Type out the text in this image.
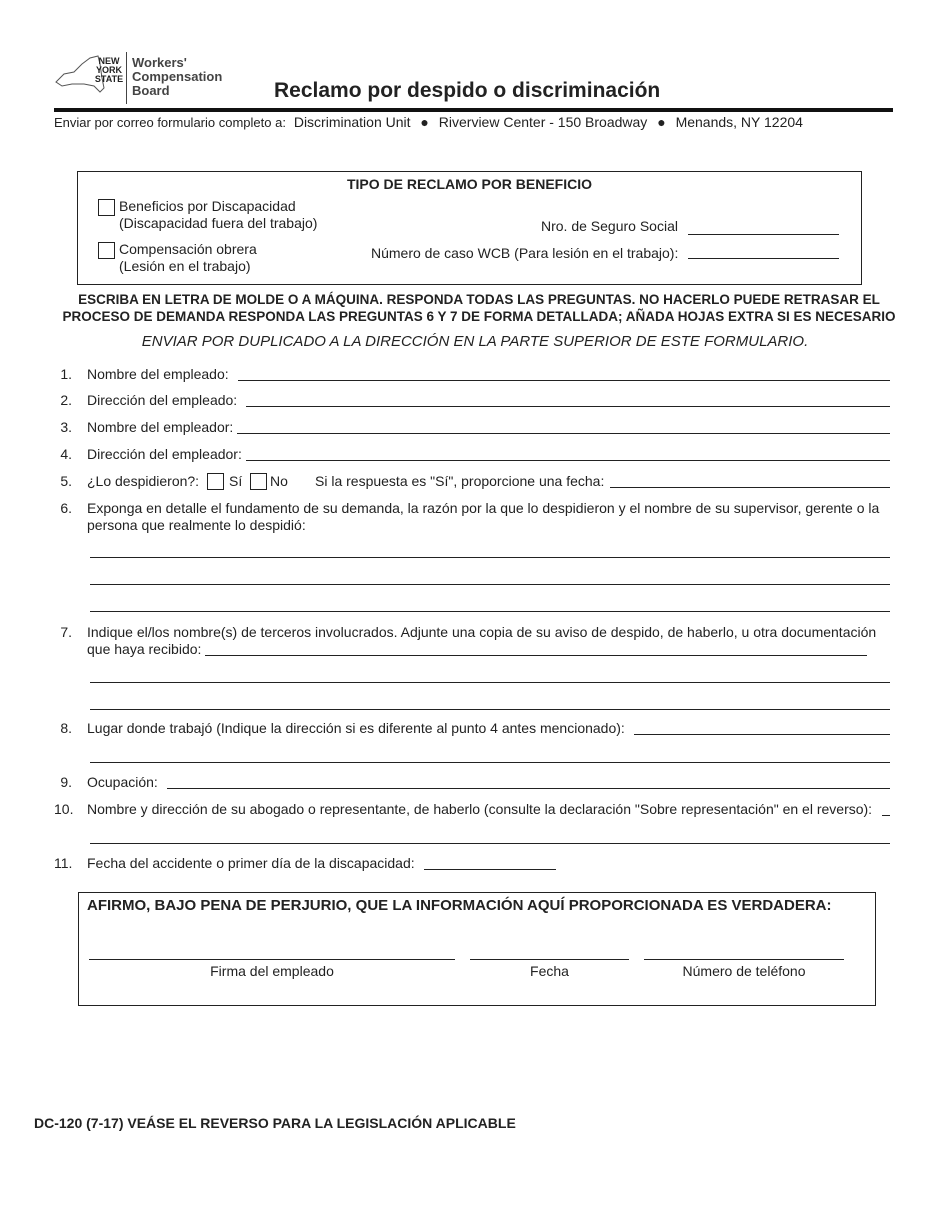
NEW
YORK
STATE
Workers'
Compensation
Board	Reclamo por despido o discriminación
Enviar por correo formulario completo a: Discrimination Unit ● Riverview Center - 150 Broadway ● Menands, NY 12204
TIPO DE RECLAMO POR BENEFICIO
Beneficios por Discapacidad
(Discapacidad fuera del trabajo)
Compensación obrera
(Lesión en el trabajo)
Nro. de Seguro Social
Número de caso WCB (Para lesión en el trabajo):
ESCRIBA EN LETRA DE MOLDE O A MÁQUINA. RESPONDA TODAS LAS PREGUNTAS. NO HACERLO PUEDE RETRASAR EL
PROCESO DE DEMANDA RESPONDA LAS PREGUNTAS 6 Y 7 DE FORMA DETALLADA; AÑADA HOJAS EXTRA SI ES NECESARIO
ENVIAR POR DUPLICADO A LA DIRECCIÓN EN LA PARTE SUPERIOR DE ESTE FORMULARIO.
1. Nombre del empleado:
2. Dirección del empleado:
3. Nombre del empleador:
4. Dirección del empleador:
5. ¿Lo despidieron?: Sí No Si la respuesta es "Sí", proporcione una fecha:
6. Exponga en detalle el fundamento de su demanda, la razón por la que lo despidieron y el nombre de su supervisor, gerente o la
persona que realmente lo despidió:
7. Indique el/los nombre(s) de terceros involucrados. Adjunte una copia de su aviso de despido, de haberlo, u otra documentación
que haya recibido:
8. Lugar donde trabajó (Indique la dirección si es diferente al punto 4 antes mencionado):
9. Ocupación:
10. Nombre y dirección de su abogado o representante, de haberlo (consulte la declaración "Sobre representación" en el reverso):
11. Fecha del accidente o primer día de la discapacidad:
AFIRMO, BAJO PENA DE PERJURIO, QUE LA INFORMACIÓN AQUÍ PROPORCIONADA ES VERDADERA:
Firma del empleado	Fecha	Número de teléfono
DC-120 (7-17) VEÁSE EL REVERSO PARA LA LEGISLACIÓN APLICABLE
